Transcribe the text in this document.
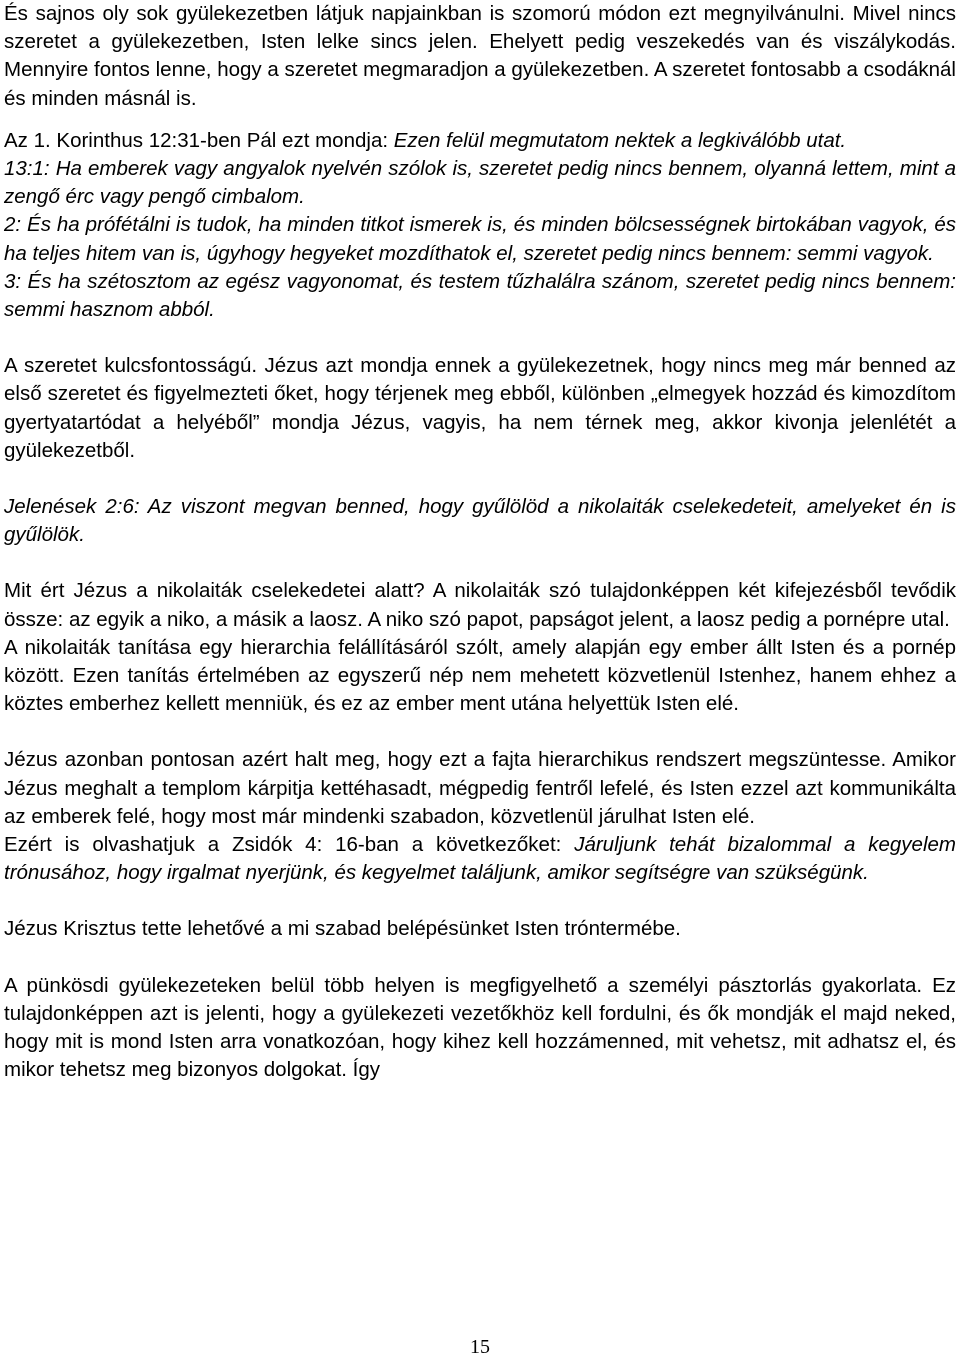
És sajnos oly sok gyülekezetben látjuk napjainkban is szomorú módon ezt megnyilvánulni. Mivel nincs szeretet a gyülekezetben, Isten lelke sincs jelen. Ehelyett pedig veszekedés van és viszálykodás. Mennyire fontos lenne, hogy a szeretet megmaradjon a gyülekezetben. A szeretet fontosabb a csodáknál és minden másnál is.

Az 1. Korinthus 12:31-ben Pál ezt mondja: Ezen felül megmutatom nektek a legkiválóbb utat.

13:1: Ha emberek vagy angyalok nyelvén szólok is, szeretet pedig nincs bennem, olyanná lettem, mint a zengő érc vagy pengő cimbalom.

2: És ha prófétálni is tudok, ha minden titkot ismerek is, és minden bölcsességnek birtokában vagyok, és ha teljes hitem van is, úgyhogy hegyeket mozdíthatok el, szeretet pedig nincs bennem: semmi vagyok.

3: És ha szétosztom az egész vagyonomat, és testem tűzhalálra szánom, szeretet pedig nincs bennem: semmi hasznom abból.

A szeretet kulcsfontosságú. Jézus azt mondja ennek a gyülekezetnek, hogy nincs meg már benned az első szeretet és figyelmezteti őket, hogy térjenek meg ebből, különben „elmegyek hozzád és kimozdítom gyertyatartódat a helyéből” mondja Jézus, vagyis, ha nem térnek meg, akkor kivonja jelenlétét a gyülekezetből.

Jelenések 2:6: Az viszont megvan benned, hogy gyűlölöd a nikolaiták cselekedeteit, amelyeket én is gyűlölök.

Mit ért Jézus a nikolaiták cselekedetei alatt? A nikolaiták szó tulajdonképpen két kifejezésből tevődik össze: az egyik a niko, a másik a laosz. A niko szó papot, papságot jelent, a laosz pedig a pornépre utal.

A nikolaiták tanítása egy hierarchia felállításáról szólt, amely alapján egy ember állt Isten és a pornép között. Ezen tanítás értelmében az egyszerű nép nem mehetett közvetlenül Istenhez, hanem ehhez a köztes emberhez kellett menniük, és ez az ember ment utána helyettük Isten elé.

Jézus azonban pontosan azért halt meg, hogy ezt a fajta hierarchikus rendszert megszüntesse. Amikor Jézus meghalt a templom kárpitja kettéhasadt, mégpedig fentről lefelé, és Isten ezzel azt kommunikálta az emberek felé, hogy most már mindenki szabadon, közvetlenül járulhat Isten elé.

Ezért is olvashatjuk a Zsidók 4: 16-ban a következőket: Járuljunk tehát bizalommal a kegyelem trónusához, hogy irgalmat nyerjünk, és kegyelmet találjunk, amikor segítségre van szükségünk.

Jézus Krisztus tette lehetővé a mi szabad belépésünket Isten tróntermébe.

A pünkösdi gyülekezeteken belül több helyen is megfigyelhető a személyi pásztorlás gyakorlata. Ez tulajdonképpen azt is jelenti, hogy a gyülekezeti vezetőkhöz kell fordulni, és ők mondják el majd neked, hogy mit is mond Isten arra vonatkozóan, hogy kihez kell hozzámenned, mit vehetsz, mit adhatsz el, és mikor tehetsz meg bizonyos dolgokat. Így

15
